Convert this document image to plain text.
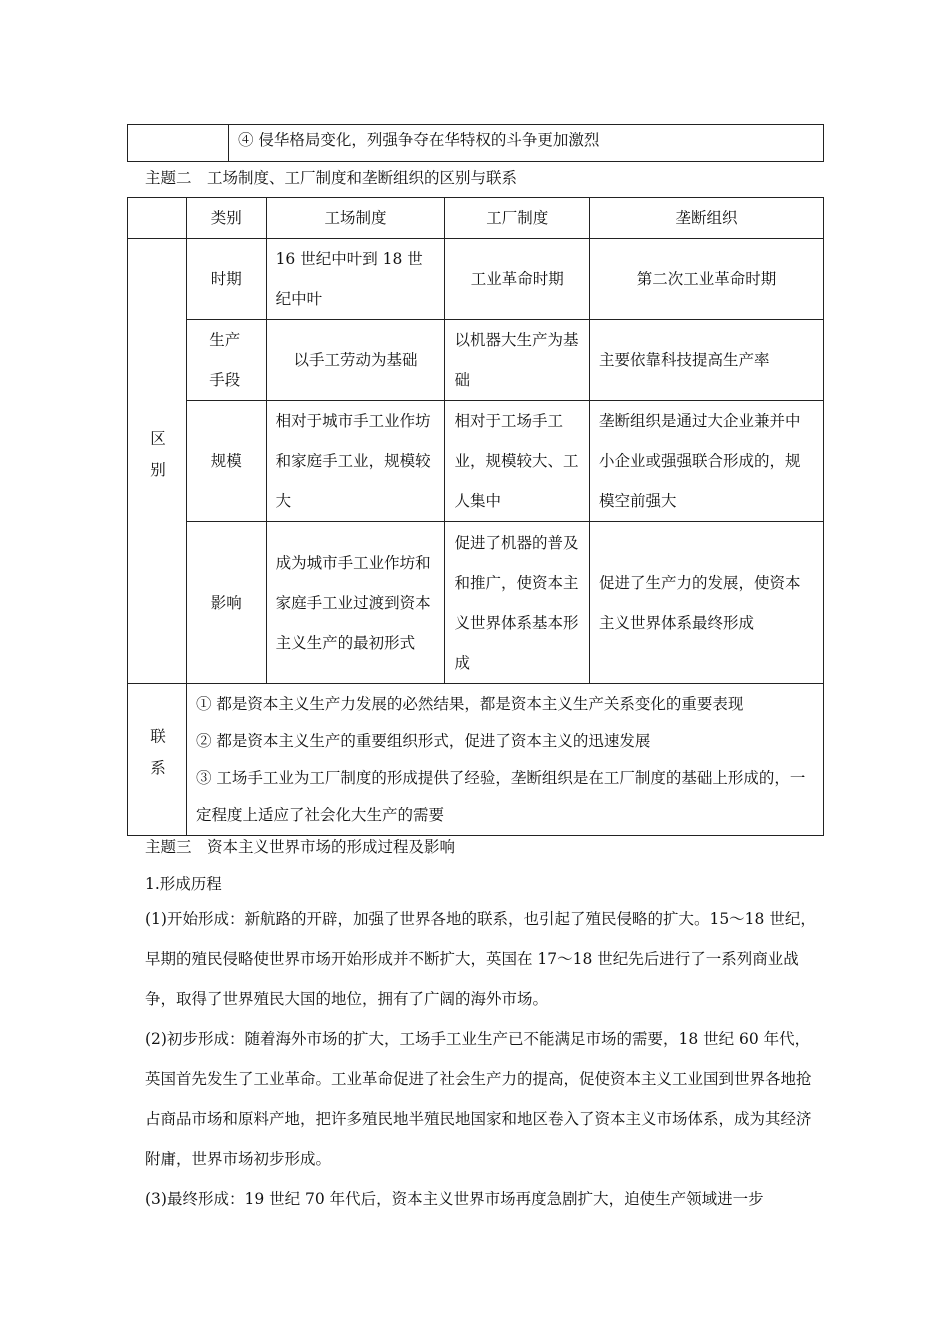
	④ 侵华格局变化，列强争夺在华特权的斗争更加激烈
主题二　工场制度、工厂制度和垄断组织的区别与联系
	类别	工场制度	工厂制度	垄断组织

区别	时期	16 世纪中叶到 18 世纪中叶	工业革命时期	第二次工业革命时期

	生产手段	以手工劳动为基础	以机器大生产为基础	主要依靠科技提高生产率
	规模	相对于城市手工业作坊和家庭手工业，规模较大	相对于工场手工业，规模较大、工人集中	垄断组织是通过大企业兼并中小企业或强强联合形成的，规模空前强大
	影响	成为城市手工业作坊和家庭手工业过渡到资本主义生产的最初形式	促进了机器的普及和推广，使资本主义世界体系基本形成	促进了生产力的发展，使资本主义世界体系最终形成

联系	① 都是资本主义生产力发展的必然结果，都是资本主义生产关系变化的重要表现
② 都是资本主义生产的重要组织形式，促进了资本主义的迅速发展
③ 工场手工业为工厂制度的形成提供了经验，垄断组织是在工厂制度的基础上形成的，一定程度上适应了社会化大生产的需要			
主题三　资本主义世界市场的形成过程及影响
1.形成历程

(1)开始形成：新航路的开辟，加强了世界各地的联系，也引起了殖民侵略的扩大。15～18 世纪，早期的殖民侵略使世界市场开始形成并不断扩大，英国在 17～18 世纪先后进行了一系列商业战争，取得了世界殖民大国的地位，拥有了广阔的海外市场。

(2)初步形成：随着海外市场的扩大，工场手工业生产已不能满足市场的需要，18 世纪 60 年代，英国首先发生了工业革命。工业革命促进了社会生产力的提高，促使资本主义工业国到世界各地抢占商品市场和原料产地，把许多殖民地半殖民地国家和地区卷入了资本主义市场体系，成为其经济附庸，世界市场初步形成。

(3)最终形成：19 世纪 70 年代后，资本主义世界市场再度急剧扩大，迫使生产领域进一步
